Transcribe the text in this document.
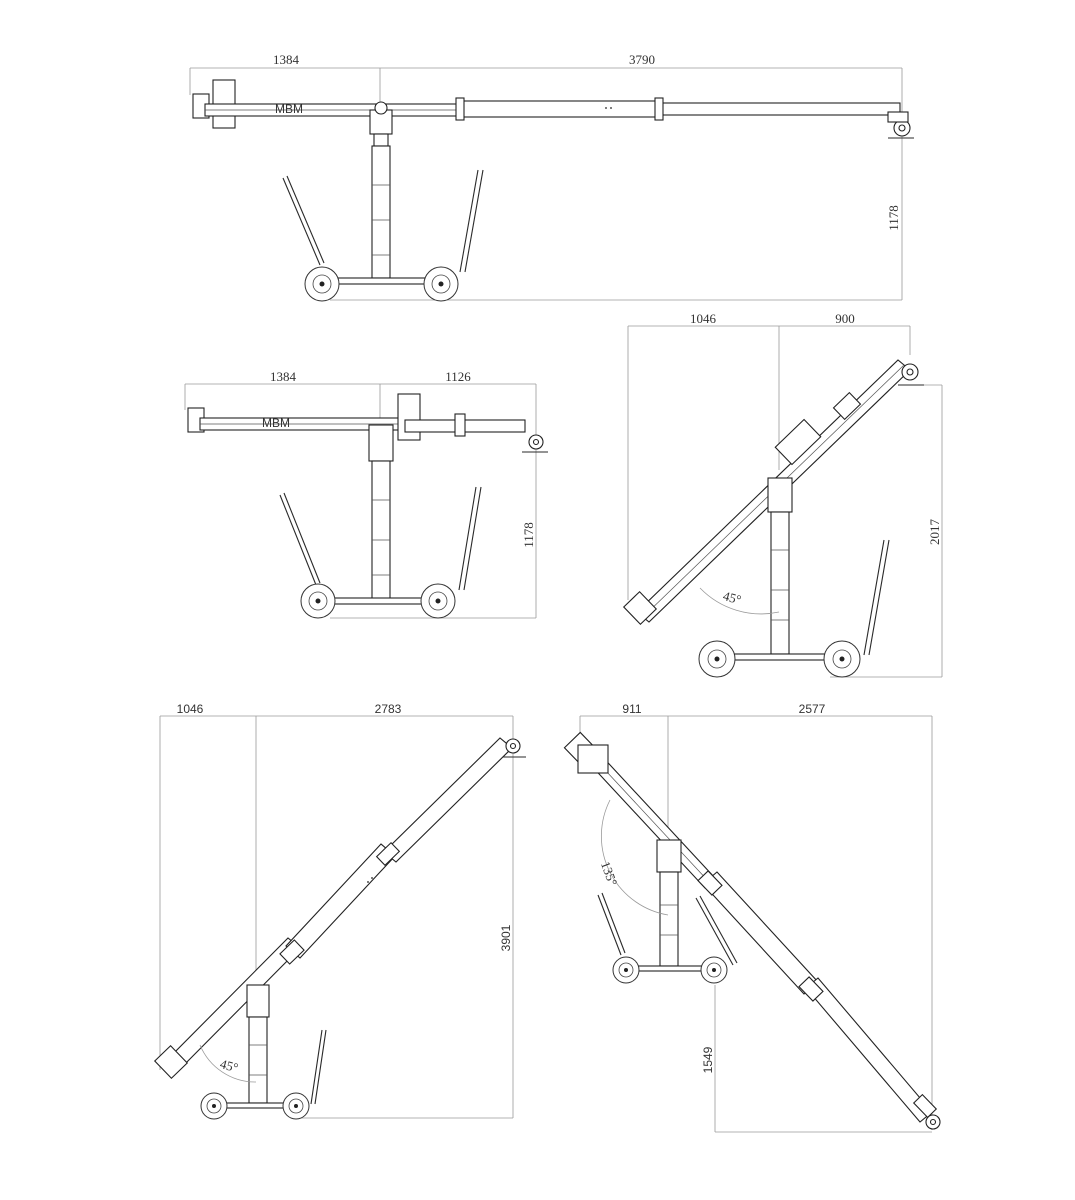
1384	3790
1178
MBM
1384	1126
1178
MBM
1046	900
2017
45°
1046	2783
3901
45°
911	2577
1549
135°
